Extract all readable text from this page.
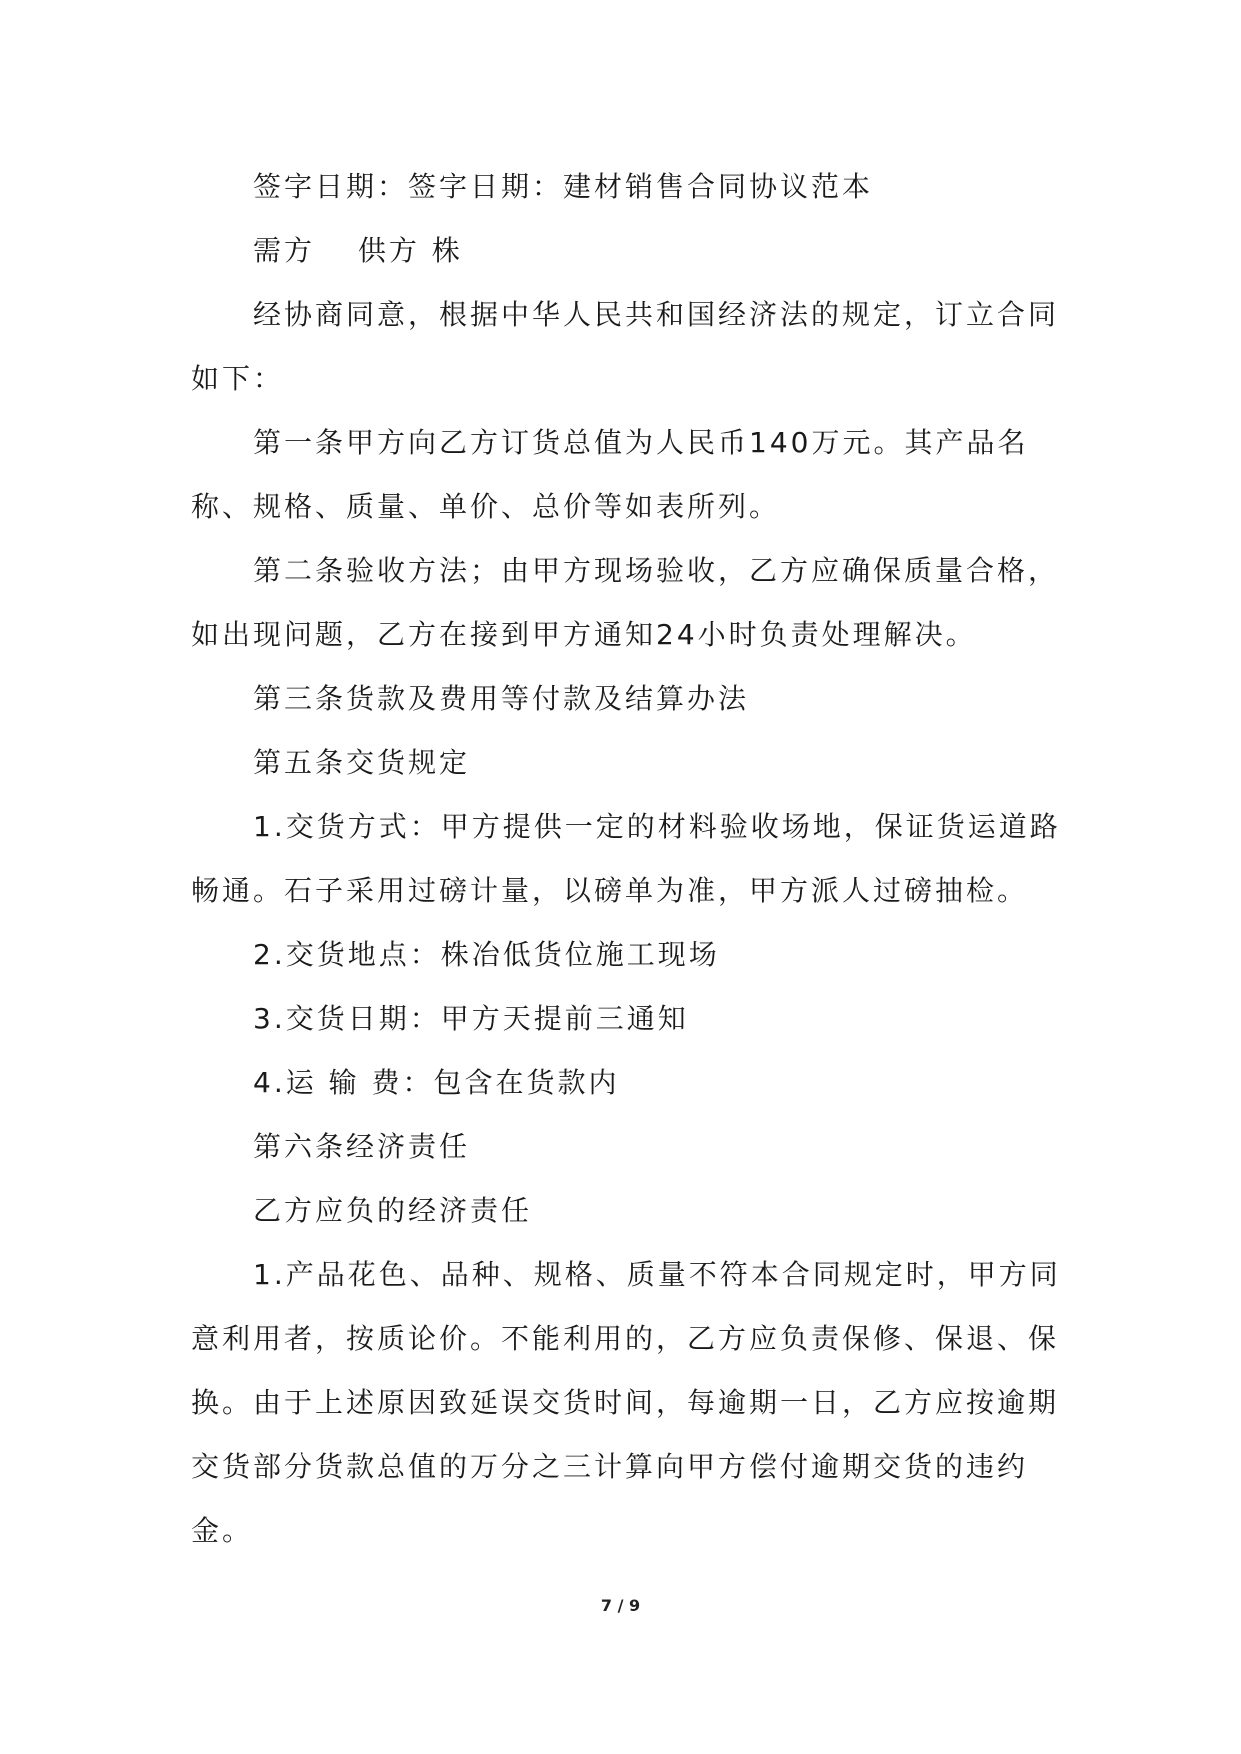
签字日期：签字日期：建材销售合同协议范本

需方　 供方 株

经协商同意，根据中华人民共和国经济法的规定，订立合同如下：

第一条甲方向乙方订货总值为人民币140万元。其产品名称、规格、质量、单价、总价等如表所列。

第二条验收方法；由甲方现场验收，乙方应确保质量合格，如出现问题，乙方在接到甲方通知24小时负责处理解决。

第三条货款及费用等付款及结算办法

第五条交货规定

1.交货方式：甲方提供一定的材料验收场地，保证货运道路畅通。石子采用过磅计量，以磅单为准，甲方派人过磅抽检。

2.交货地点：株冶低货位施工现场

3.交货日期：甲方天提前三通知

4.运 输 费：包含在货款内

第六条经济责任

乙方应负的经济责任

1.产品花色、品种、规格、质量不符本合同规定时，甲方同意利用者，按质论价。不能利用的，乙方应负责保修、保退、保换。由于上述原因致延误交货时间，每逾期一日，乙方应按逾期交货部分货款总值的万分之三计算向甲方偿付逾期交货的违约金。

7 / 9
